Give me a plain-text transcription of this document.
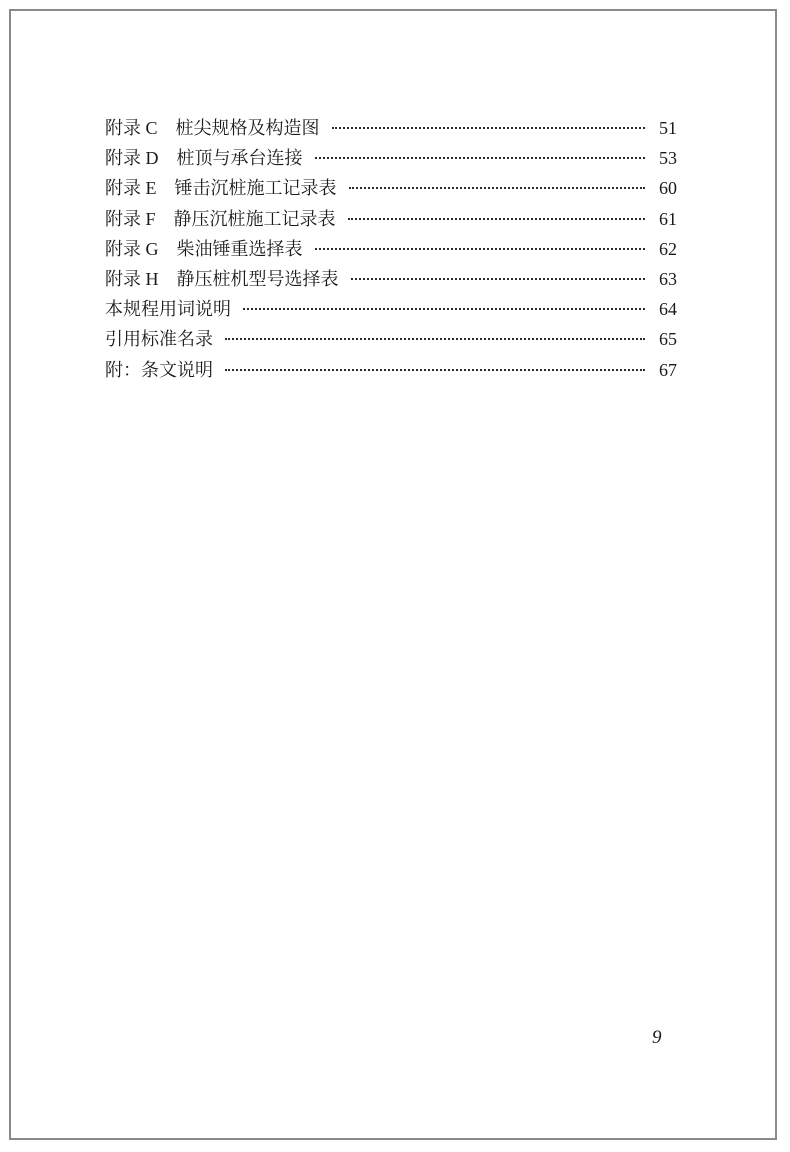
附录 C 桩尖规格及构造图	51
附录 D 桩顶与承台连接	53
附录 E 锤击沉桩施工记录表	60
附录 F 静压沉桩施工记录表	61
附录 G 柴油锤重选择表	62
附录 H 静压桩机型号选择表	63
本规程用词说明	64
引用标准名录	65
附：条文说明	67
9
